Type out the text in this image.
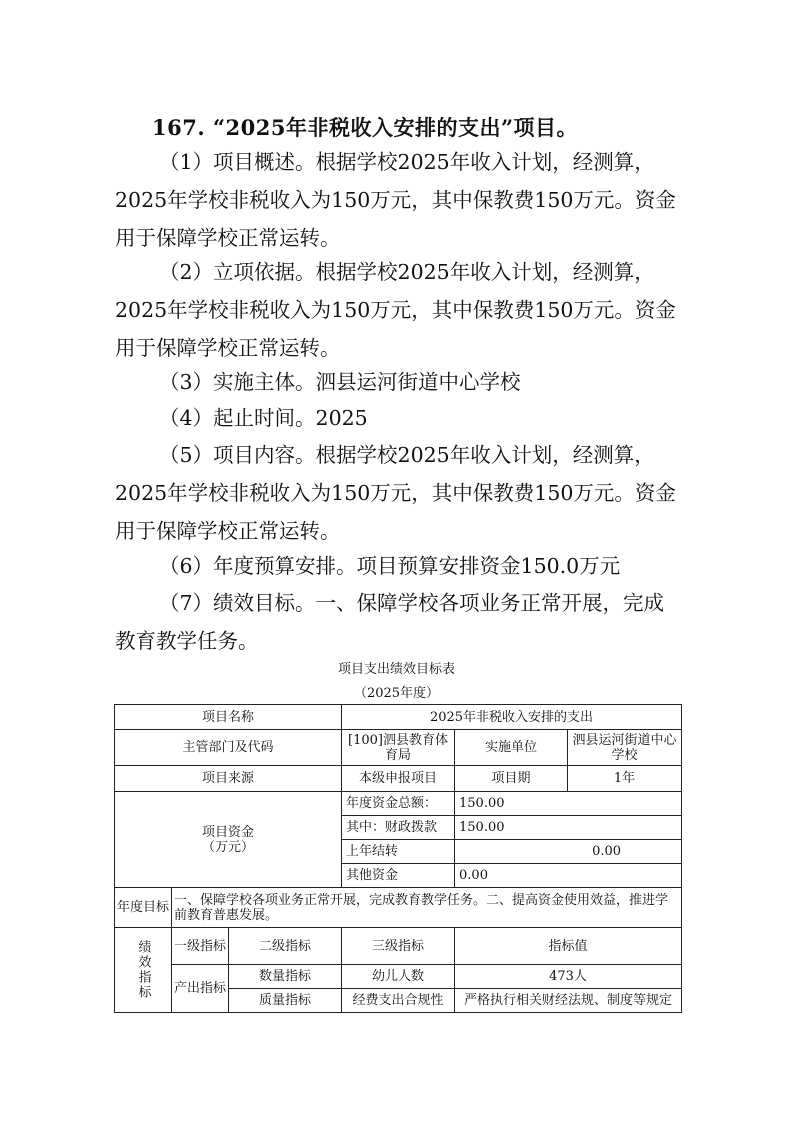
167. “2025年非税收入安排的支出”项目。
（1）项目概述。根据学校2025年收入计划，经测算，
2025年学校非税收入为150万元，其中保教费150万元。资金
用于保障学校正常运转。
（2）立项依据。根据学校2025年收入计划，经测算，
2025年学校非税收入为150万元，其中保教费150万元。资金
用于保障学校正常运转。
（3）实施主体。泗县运河街道中心学校
（4）起止时间。2025
（5）项目内容。根据学校2025年收入计划，经测算，
2025年学校非税收入为150万元，其中保教费150万元。资金
用于保障学校正常运转。
（6）年度预算安排。项目预算安排资金150.0万元
（7）绩效目标。一、保障学校各项业务正常开展，完成
教育教学任务。
项目支出绩效目标表
（2025年度）
项目名称			2025年非税收入安排的支出		
主管部门及代码			[100]泗县教育体育局	实施单位	泗县运河街道中心学校
项目来源			本级申报项目	项目期	1年

项目资金
（万元）			年度资金总额：	150.00	
			其中：财政拨款	150.00	
			上年结转	0.00	
			其他资金	0.00	
年度目标	一、保障学校各项业务正常开展，完成教育教学任务。二、提高资金使用效益，推进学前教育普惠发展。				
绩效指标	一级指标	二级指标	三级指标	指标值	
	产出指标	数量指标	幼儿人数	473人	
		质量指标	经费支出合规性	严格执行相关财经法规、制度等规定	
